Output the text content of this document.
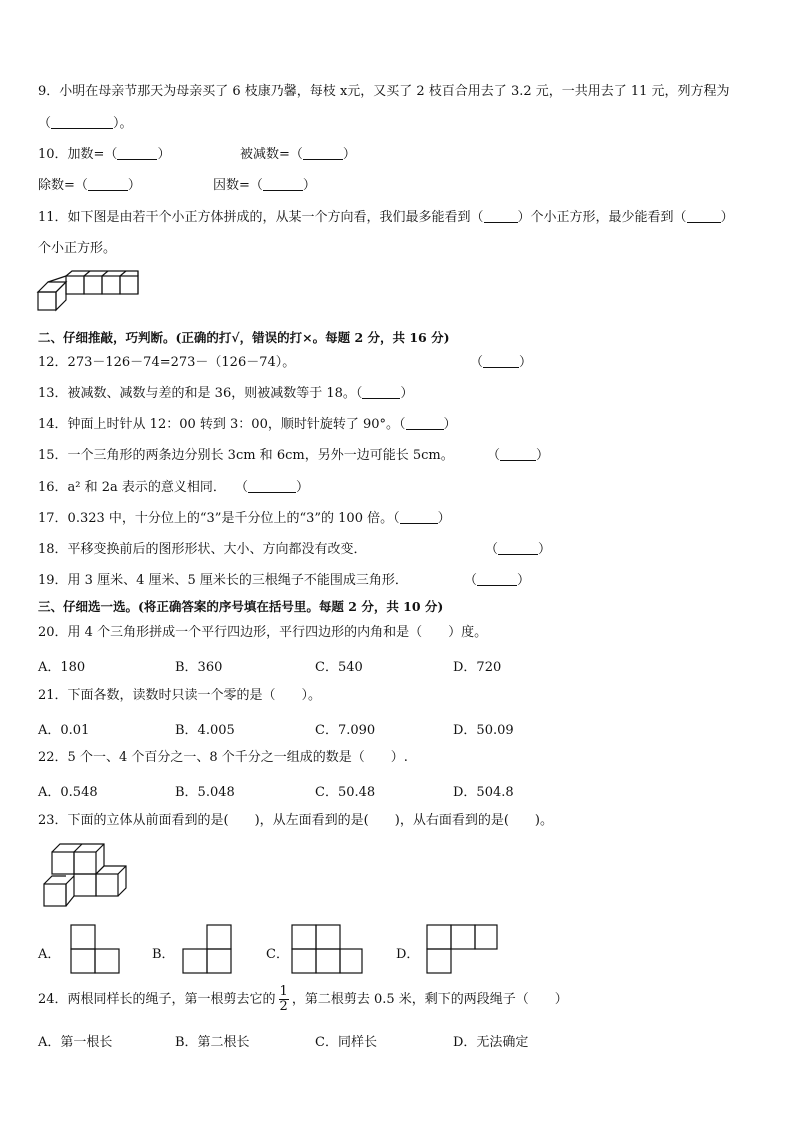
9．小明在母亲节那天为母亲买了 6 枝康乃馨，每枝 x元，又买了 2 枝百合用去了 3.2 元，一共用去了 11 元，列方程为
（	）。
10．加数=（	）	被减数=（	）
除数=（	）	因数=（	）
11．如下图是由若干个小正方体拼成的，从某一个方向看，我们最多能看到（	）个小正方形，最少能看到（	）
个小正方形。
二、仔细推敲，巧判断。(正确的打√，错误的打×。每题 2 分，共 16 分)
12．273－126－74=273－（126－74）。	（	）
13．被减数、减数与差的和是 36，则被减数等于 18。（	）
14．钟面上时针从 12：00 转到 3：00，顺时针旋转了 90°。（	）
15．一个三角形的两条边分别长 3cm 和 6cm，另外一边可能长 5cm。	（	）
16．a² 和 2a 表示的意义相同． （	）
17．0.323 中，十分位上的“3”是千分位上的“3”的 100 倍。（	）
18．平移变换前后的图形形状、大小、方向都没有改变．	（	）
19．用 3 厘米、4 厘米、5 厘米长的三根绳子不能围成三角形．	（	）
三、仔细选一选。(将正确答案的序号填在括号里。每题 2 分，共 10 分)
20．用 4 个三角形拼成一个平行四边形，平行四边形的内角和是（　　）度。
A．180	B．360	C．540	D．720
21．下面各数，读数时只读一个零的是（　　）。
A．0.01	B．4.005	C．7.090	D．50.09
22．5 个一、4 个百分之一、8 个千分之一组成的数是（　　）.
A．0.548	B．5.048	C．50.48	D．504.8
23．下面的立体从前面看到的是(　　)，从左面看到的是(　　)，从右面看到的是(　　)。
A．	B．	C．	D．
24．两根同样长的绳子，第一根剪去它的 $\frac{1}{2}$ ，第二根剪去 0.5 米，剩下的两段绳子（　　）
A．第一根长	B．第二根长	C．同样长	D．无法确定
